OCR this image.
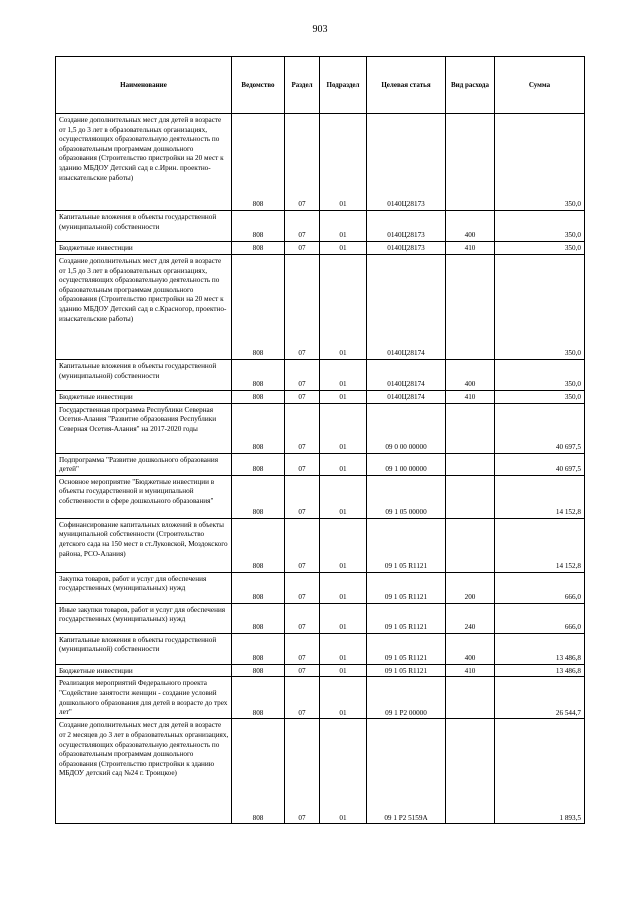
903
Наименование	Ведомство	Раздел	Подраздел	Целевая статья	Вид расхода	Сумма
Создание дополнительных мест для детей в возрасте от 1,5 до 3 лет в образовательных организациях, осуществляющих образовательную деятельность по образовательным программам дошкольного образования (Строительство пристройки на 20 мест к зданию МБДОУ Детский сад в с.Ирин. проектно-изыскательские работы)	808	07	01	0140Ц28173		350,0
Капитальные вложения в объекты государственной (муниципальной) собственности	808	07	01	0140Ц28173	400	350,0
Бюджетные инвестиции	808	07	01	0140Ц28173	410	350,0
Создание дополнительных мест для детей в возрасте от 1,5 до 3 лет в образовательных организациях, осуществляющих образовательную деятельность по образовательным программам дошкольного образования (Строительство пристройки на 20 мест к зданию МБДОУ Детский сад в с.Красногор, проектно-изыскательские работы)	808	07	01	0140Ц28174		350,0
Капитальные вложения в объекты государственной (муниципальной) собственности	808	07	01	0140Ц28174	400	350,0
Бюджетные инвестиции	808	07	01	0140Ц28174	410	350,0
Государственная программа Республики Северная Осетия-Алания "Развитие образования Республики Северная Осетия-Алания" на 2017-2020 годы	808	07	01	09 0 00 00000		40 697,5
Подпрограмма "Развитие дошкольного образования детей"	808	07	01	09 1 00 00000		40 697,5
Основное мероприятие "Бюджетные инвестиции в объекты государственной и муниципальной собственности в сфере дошкольного образования"	808	07	01	09 1 05 00000		14 152,8
Софинансирование капитальных вложений в объекты муниципальной собственности (Строительство детского сада на 150 мест в ст.Луковской, Моздокского района, РСО-Алания)	808	07	01	09 1 05 R1121		14 152,8
Закупка товаров, работ и услуг для обеспечения государственных (муниципальных) нужд	808	07	01	09 1 05 R1121	200	666,0
Иные закупки товаров, работ и услуг для обеспечения государственных (муниципальных) нужд	808	07	01	09 1 05 R1121	240	666,0
Капитальные вложения в объекты государственной (муниципальной) собственности	808	07	01	09 1 05 R1121	400	13 486,8
Бюджетные инвестиции	808	07	01	09 1 05 R1121	410	13 486,8
Реализация мероприятий Федерального проекта "Содействие занятости женщин - создание условий дошкольного образования для детей в возрасте до трех лет"	808	07	01	09 1 P2 00000		26 544,7
Создание дополнительных мест для детей в возрасте от 2 месяцев до 3 лет в образовательных организациях, осуществляющих образовательную деятельность по образовательным программам дошкольного образования (Строительство пристройки к зданию МБДОУ детский сад №24 г. Троицкое)	808	07	01	09 1 P2 5159A		1 893,5
